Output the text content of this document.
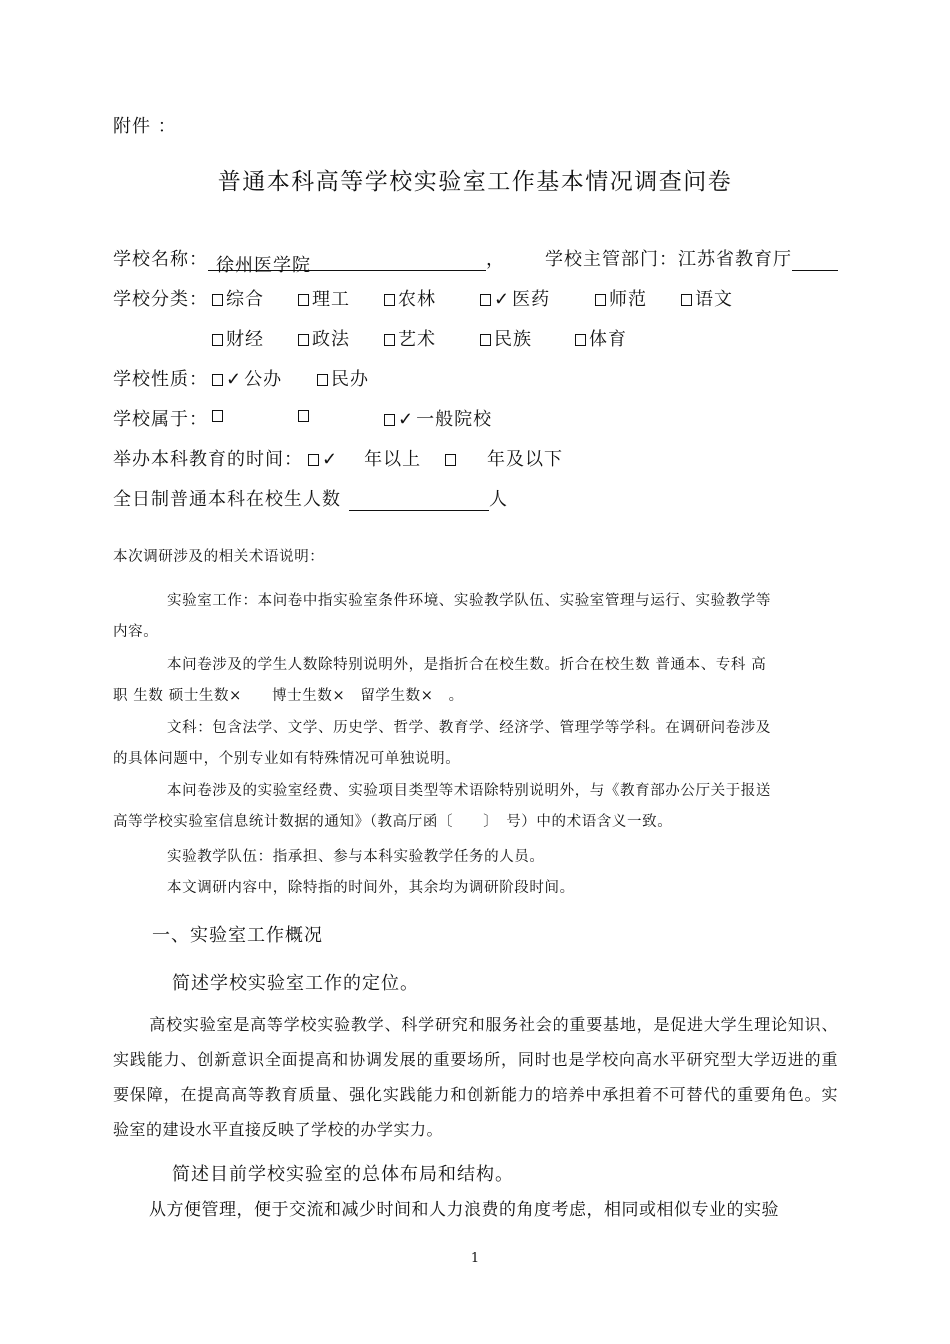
附件 ：
普通本科高等学校实验室工作基本情况调查问卷
学校名称： 徐州医学院	， 学校主管部门：江苏省教育厅
学校分类：	综合	理工	农林	✓ 医药	师范	语文
财经	政法	艺术	民族	体育
学校性质：	✓ 公办	民办
学校属于：	✓ 一般院校
举办本科教育的时间：	✓ 年以上	年及以下
全日制普通本科在校生人数	人
本次调研涉及的相关术语说明：
实验室工作：本问卷中指实验室条件环境、实验教学队伍、实验室管理与运行、实验教学等
内容。
本问卷涉及的学生人数除特别说明外，是指折合在校生数。折合在校生数 普通本、专科 高
职 生数 硕士生数×　　博士生数×　留学生数×　。
文科：包含法学、文学、历史学、哲学、教育学、经济学、管理学等学科。在调研问卷涉及
的具体问题中，个别专业如有特殊情况可单独说明。
本问卷涉及的实验室经费、实验项目类型等术语除特别说明外，与《教育部办公厅关于报送
高等学校实验室信息统计数据的通知》（教高厅函〔　　〕　号）中的术语含义一致。
实验教学队伍：指承担、参与本科实验教学任务的人员。
本文调研内容中，除特指的时间外，其余均为调研阶段时间。
一、实验室工作概况
简述学校实验室工作的定位。
高校实验室是高等学校实验教学、科学研究和服务社会的重要基地，是促进大学生理论知识、实践能力、创新意识全面提高和协调发展的重要场所，同时也是学校向高水平研究型大学迈进的重要保障，在提高高等教育质量、强化实践能力和创新能力的培养中承担着不可替代的重要角色。实验室的建设水平直接反映了学校的办学实力。
简述目前学校实验室的总体布局和结构。
从方便管理，便于交流和减少时间和人力浪费的角度考虑，相同或相似专业的实验
1
